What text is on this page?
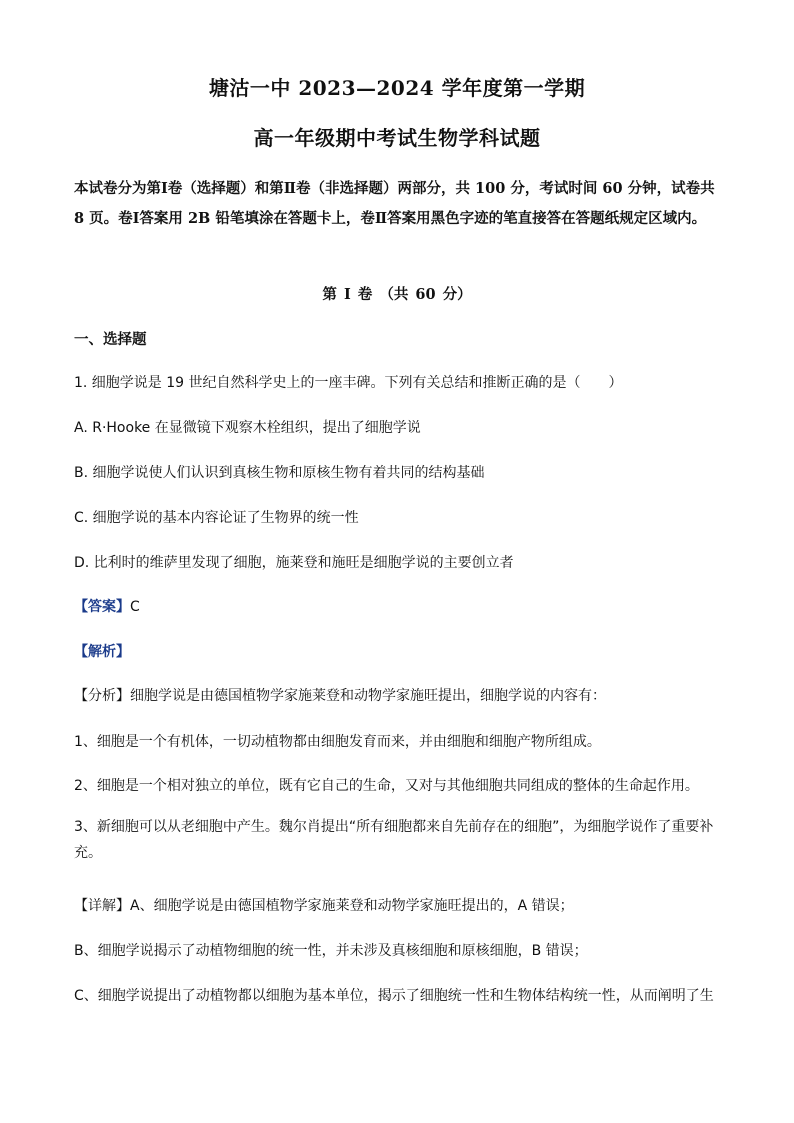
塘沽一中 2023—2024 学年度第一学期
高一年级期中考试生物学科试题
本试卷分为第Ⅰ卷（选择题）和第Ⅱ卷（非选择题）两部分，共 100 分，考试时间 60 分钟，试卷共 8 页。卷Ⅰ答案用 2B 铅笔填涂在答题卡上，卷Ⅱ答案用黑色字迹的笔直接答在答题纸规定区域内。
第 Ⅰ 卷 （共 60 分）
一、选择题
1. 细胞学说是 19 世纪自然科学史上的一座丰碑。下列有关总结和推断正确的是（　　）
A. R·Hooke 在显微镜下观察木栓组织，提出了细胞学说
B. 细胞学说使人们认识到真核生物和原核生物有着共同的结构基础
C. 细胞学说的基本内容论证了生物界的统一性
D. 比利时的维萨里发现了细胞，施莱登和施旺是细胞学说的主要创立者
【答案】C
【解析】
【分析】细胞学说是由德国植物学家施莱登和动物学家施旺提出，细胞学说的内容有：
1、细胞是一个有机体，一切动植物都由细胞发育而来，并由细胞和细胞产物所组成。
2、细胞是一个相对独立的单位，既有它自己的生命，又对与其他细胞共同组成的整体的生命起作用。
3、新细胞可以从老细胞中产生。魏尔肖提出“所有细胞都来自先前存在的细胞”，为细胞学说作了重要补充。
【详解】A、细胞学说是由德国植物学家施莱登和动物学家施旺提出的，A 错误；
B、细胞学说揭示了动植物细胞的统一性，并未涉及真核细胞和原核细胞，B 错误；
C、细胞学说提出了动植物都以细胞为基本单位，揭示了细胞统一性和生物体结构统一性，从而阐明了生
